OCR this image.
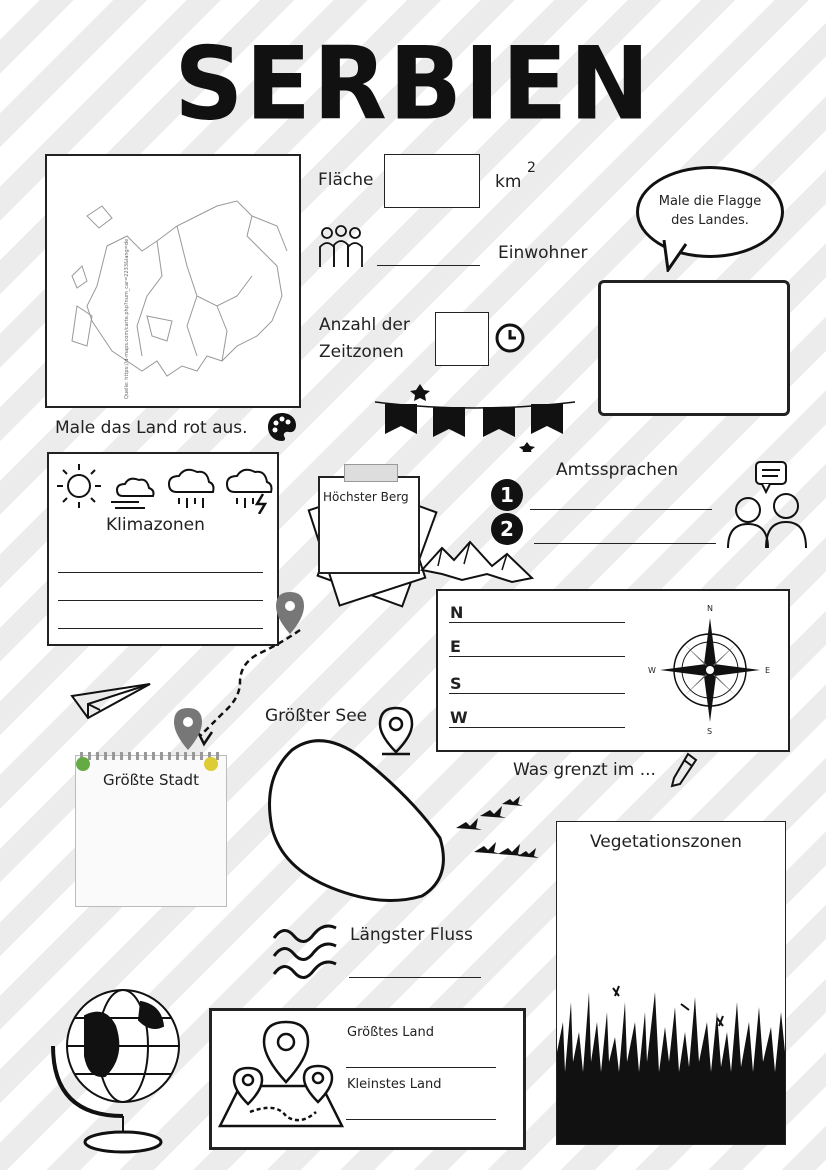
SERBIEN
Quelle: https://d-maps.com/carte.php?num_car=2233&lang=de
Male das Land rot aus.
Fläche	km
2
Einwohner
Anzahl der
Zeitzonen
Male die Flagge des Landes.
Klimazonen
Höchster Berg
Amtssprachen
1
2
N
E
S
W
N
E
S
W
Was grenzt im ...
Größter See
Größte Stadt
Vegetationszonen
Längster Fluss
Größtes Land
Kleinstes Land
